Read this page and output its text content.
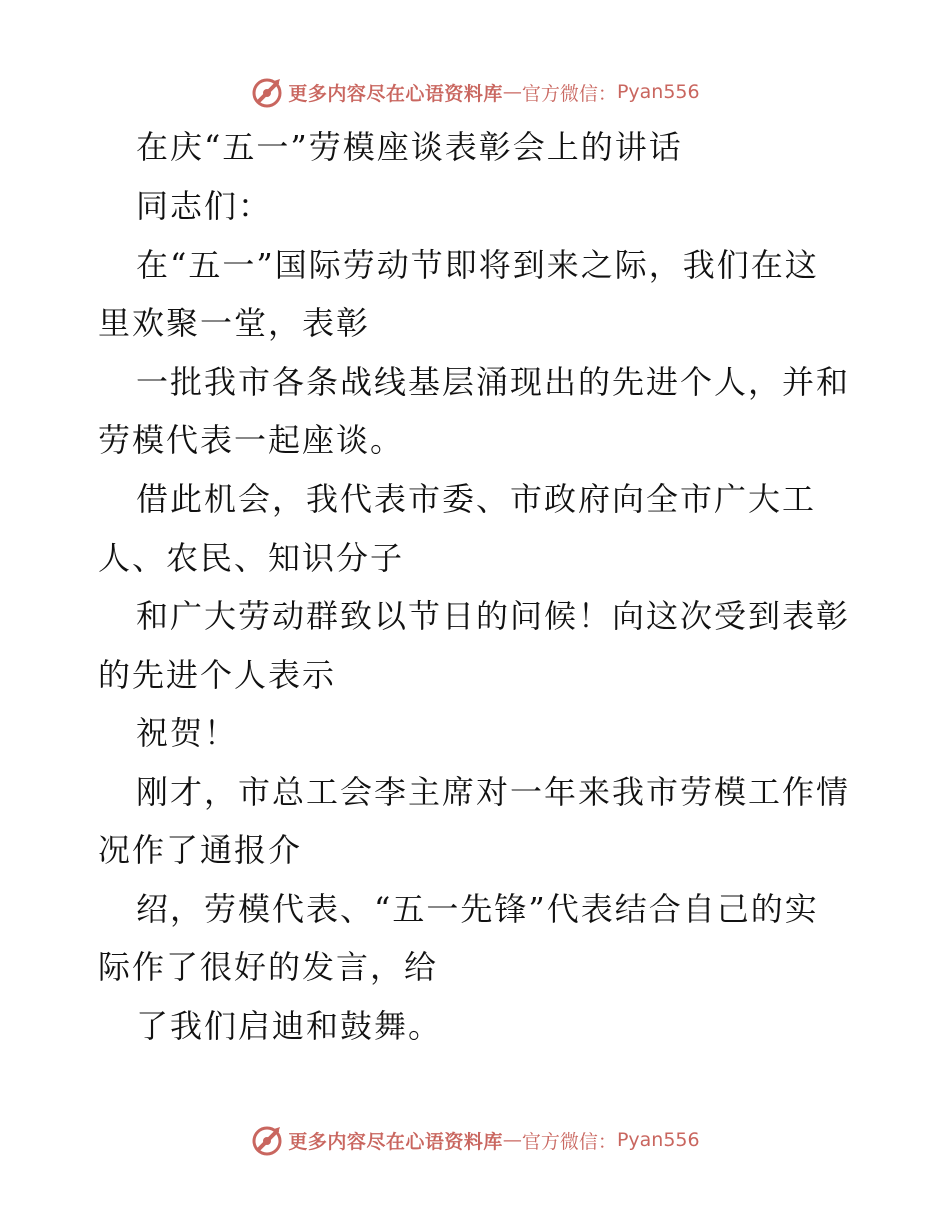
更多内容尽在心语资料库 — 官方微信： Pyan556
在庆“五一”劳模座谈表彰会上的讲话
同志们：
在“五一”国际劳动节即将到来之际，我们在这
里欢聚一堂，表彰
一批我市各条战线基层涌现出的先进个人，并和
劳模代表一起座谈。
借此机会，我代表市委、市政府向全市广大工
人、农民、知识分子
和广大劳动群致以节日的问候！向这次受到表彰
的先进个人表示
祝贺！
刚才，市总工会李主席对一年来我市劳模工作情
况作了通报介
绍，劳模代表、“五一先锋”代表结合自己的实
际作了很好的发言，给
了我们启迪和鼓舞。
更多内容尽在心语资料库 — 官方微信： Pyan556
